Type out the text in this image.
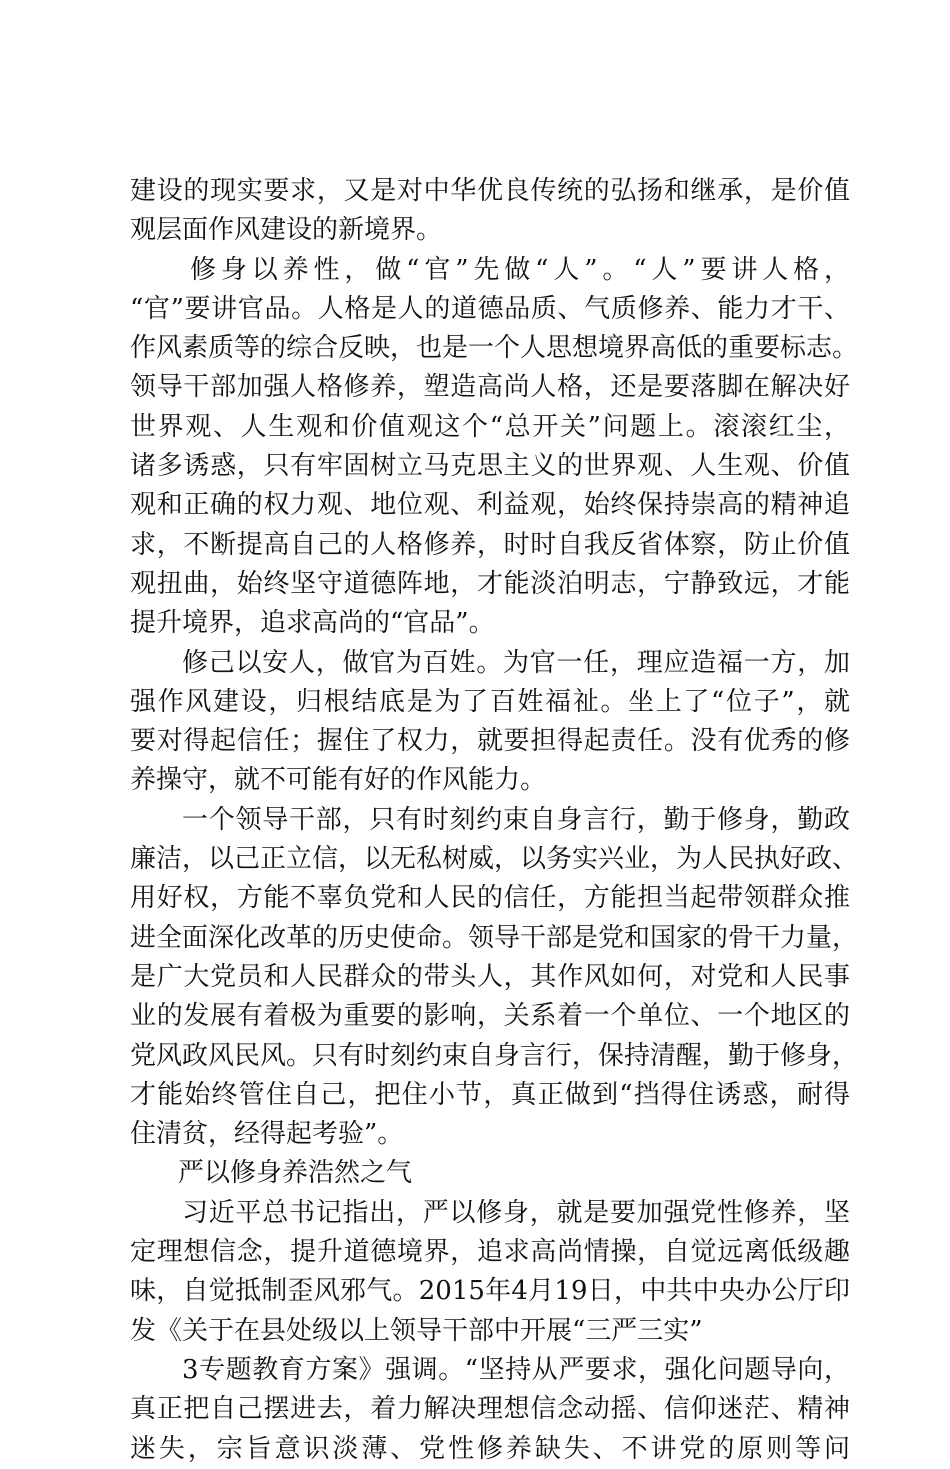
建设的现实要求，又是对中华优良传统的弘扬和继承，是价值
观层面作风建设的新境界。
修身以养性，做“官”先做“人”。“人”要讲人格，
“官”要讲官品。人格是人的道德品质、气质修养、能力才干、
作风素质等的综合反映，也是一个人思想境界高低的重要标志。
领导干部加强人格修养，塑造高尚人格，还是要落脚在解决好
世界观、人生观和价值观这个“总开关”问题上。滚滚红尘，
诸多诱惑，只有牢固树立马克思主义的世界观、人生观、价值
观和正确的权力观、地位观、利益观，始终保持崇高的精神追
求，不断提高自己的人格修养，时时自我反省体察，防止价值
观扭曲，始终坚守道德阵地，才能淡泊明志，宁静致远，才能
提升境界，追求高尚的“官品”。
修己以安人，做官为百姓。为官一任，理应造福一方，加
强作风建设，归根结底是为了百姓福祉。坐上了“位子”，就
要对得起信任；握住了权力，就要担得起责任。没有优秀的修
养操守，就不可能有好的作风能力。
一个领导干部，只有时刻约束自身言行，勤于修身，勤政
廉洁，以己正立信，以无私树威，以务实兴业，为人民执好政、
用好权，方能不辜负党和人民的信任，方能担当起带领群众推
进全面深化改革的历史使命。领导干部是党和国家的骨干力量，
是广大党员和人民群众的带头人，其作风如何，对党和人民事
业的发展有着极为重要的影响，关系着一个单位、一个地区的
党风政风民风。只有时刻约束自身言行，保持清醒，勤于修身，
才能始终管住自己，把住小节，真正做到“挡得住诱惑，耐得
住清贫，经得起考验”。
严以修身养浩然之气
习近平总书记指出，严以修身，就是要加强党性修养，坚
定理想信念，提升道德境界，追求高尚情操，自觉远离低级趣
味，自觉抵制歪风邪气。2015年4月19日，中共中央办公厅印
发《关于在县处级以上领导干部中开展“三严三实”
3专题教育方案》强调。“坚持从严要求，强化问题导向，
真正把自己摆进去，着力解决理想信念动摇、信仰迷茫、精神
迷失，宗旨意识淡薄、党性修养缺失、不讲党的原则等问
